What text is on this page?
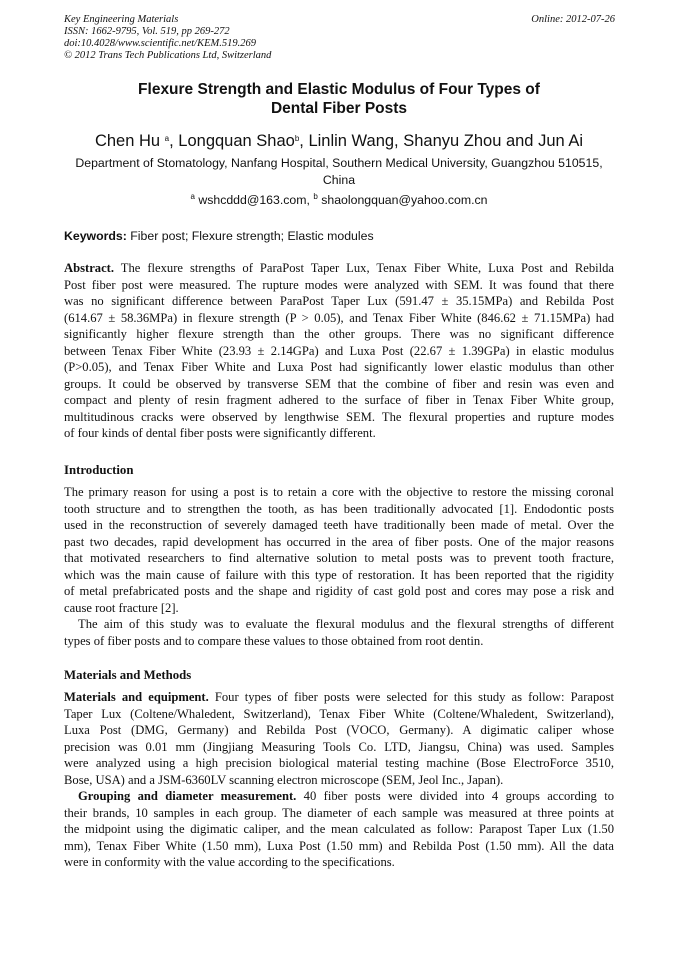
Key Engineering Materials
ISSN: 1662-9795, Vol. 519, pp 269-272
doi:10.4028/www.scientific.net/KEM.519.269
© 2012 Trans Tech Publications Ltd, Switzerland
Online: 2012-07-26
Flexure Strength and Elastic Modulus of Four Types of
Dental Fiber Posts
Chen Hu $^a$, Longquan Shao$^b$, Linlin Wang, Shanyu Zhou and Jun Ai
Department of Stomatology, Nanfang Hospital, Southern Medical University, Guangzhou 510515,
China
$^a$ wshcddd@163.com, $^b$ shaolongquan@yahoo.com.cn
Keywords: Fiber post; Flexure strength; Elastic modules
Abstract. The flexure strengths of ParaPost Taper Lux, Tenax Fiber White, Luxa Post and Rebilda
Post fiber post were measured. The rupture modes were analyzed with SEM. It was found that there
was no significant difference between ParaPost Taper Lux (591.47 ± 35.15MPa) and Rebilda Post
(614.67 ± 58.36MPa) in flexure strength (P > 0.05), and Tenax Fiber White (846.62 ± 71.15MPa) had
significantly higher flexure strength than the other groups. There was no significant difference
between Tenax Fiber White (23.93 ± 2.14GPa) and Luxa Post (22.67 ± 1.39GPa) in elastic modulus
(P>0.05), and Tenax Fiber White and Luxa Post had significantly lower elastic modulus than other
groups. It could be observed by transverse SEM that the combine of fiber and resin was even and
compact and plenty of resin fragment adhered to the surface of fiber in Tenax Fiber White group,
multitudinous cracks were observed by lengthwise SEM. The flexural properties and rupture modes
of four kinds of dental fiber posts were significantly different.
Introduction
The primary reason for using a post is to retain a core with the objective to restore the missing coronal
tooth structure and to strengthen the tooth, as has been traditionally advocated [1]. Endodontic posts
used in the reconstruction of severely damaged teeth have traditionally been made of metal. Over the
past two decades, rapid development has occurred in the area of fiber posts. One of the major reasons
that motivated researchers to find alternative solution to metal posts was to prevent tooth fracture,
which was the main cause of failure with this type of restoration. It has been reported that the rigidity
of metal prefabricated posts and the shape and rigidity of cast gold post and cores may pose a risk and
cause root fracture [2].
The aim of this study was to evaluate the flexural modulus and the flexural strengths of different
types of fiber posts and to compare these values to those obtained from root dentin.
Materials and Methods
Materials and equipment. Four types of fiber posts were selected for this study as follow: Parapost
Taper Lux (Coltene/Whaledent, Switzerland), Tenax Fiber White (Coltene/Whaledent, Switzerland),
Luxa Post (DMG, Germany) and Rebilda Post (VOCO, Germany). A digimatic caliper whose
precision was 0.01 mm (Jingjiang Measuring Tools Co. LTD, Jiangsu, China) was used. Samples
were analyzed using a high precision biological material testing machine (Bose ElectroForce 3510,
Bose, USA) and a JSM-6360LV scanning electron microscope (SEM, Jeol Inc., Japan).
Grouping and diameter measurement. 40 fiber posts were divided into 4 groups according to
their brands, 10 samples in each group. The diameter of each sample was measured at three points at
the midpoint using the digimatic caliper, and the mean calculated as follow: Parapost Taper Lux (1.50
mm), Tenax Fiber White (1.50 mm), Luxa Post (1.50 mm) and Rebilda Post (1.50 mm). All the data
were in conformity with the value according to the specifications.
